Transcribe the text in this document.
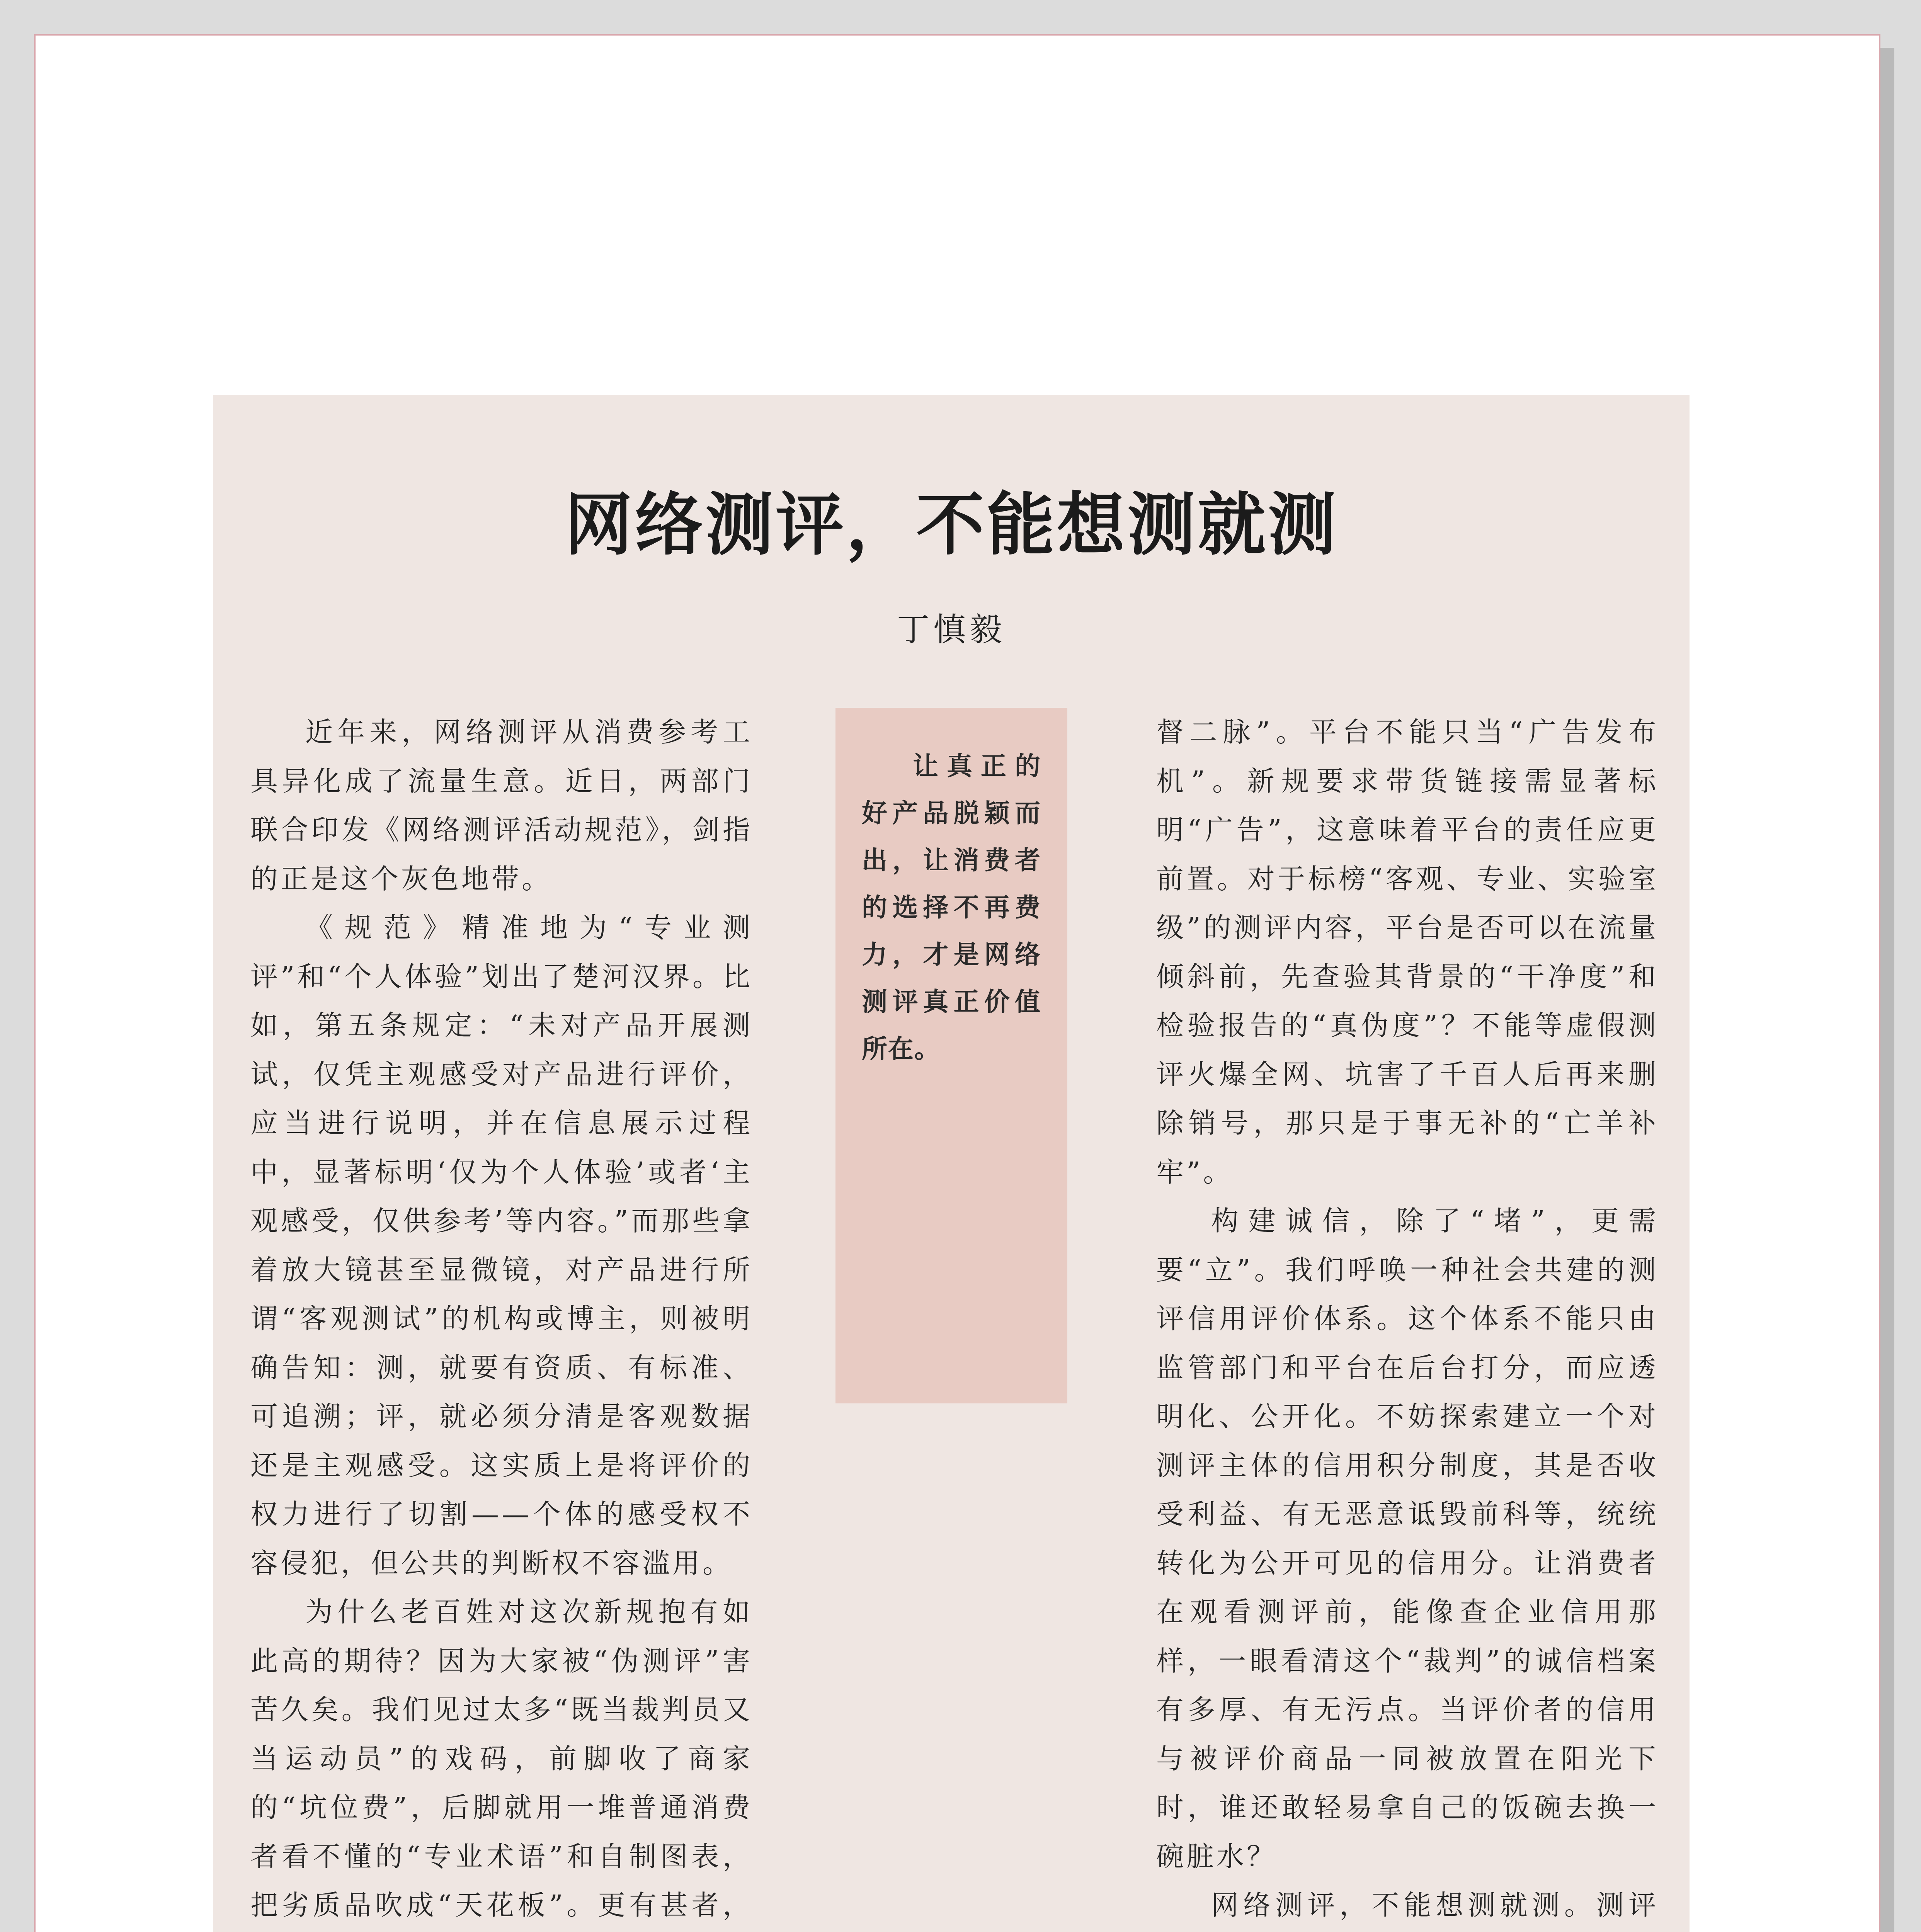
网络测评，不能想测就测
丁慎毅

近年来，网络测评从消费参考工具异化成了流量生意。近日，两部门联合印发《网络测评活动规范》，剑指的正是这个灰色地带。

《规范》精准地为“专业测评”和“个人体验”划出了楚河汉界。比如，第五条规定：“未对产品开展测试，仅凭主观感受对产品进行评价，应当进行说明，并在信息展示过程中，显著标明‘仅为个人体验’或者‘主观感受，仅供参考’等内容。”而那些拿着放大镜甚至显微镜，对产品进行所谓“客观测试”的机构或博主，则被明确告知：测，就要有资质、有标准、可追溯；评，就必须分清是客观数据还是主观感受。这实质上是将评价的权力进行了切割——个体的感受权不容侵犯，但公共的判断权不容滥用。

为什么老百姓对这次新规抱有如此高的期待？因为大家被“伪测评”害苦久矣。我们见过太多“既当裁判员又当运动员”的戏码，前脚收了商家的“坑位费”，后脚就用一堆普通消费者看不懂的“专业术语”和自制图表，把劣质品吹成“天花板”。更有甚者，

让真正的好产品脱颖而出，让消费者的选择不再费力，才是网络测评真正价值所在。

督二脉”。平台不能只当“广告发布机”。新规要求带货链接需显著标明“广告”，这意味着平台的责任应更前置。对于标榜“客观、专业、实验室级”的测评内容，平台是否可以在流量倾斜前，先查验其背景的“干净度”和检验报告的“真伪度”？不能等虚假测评火爆全网、坑害了千百人后再来删除销号，那只是于事无补的“亡羊补牢”。

构建诚信，除了“堵”，更需要“立”。我们呼唤一种社会共建的测评信用评价体系。这个体系不能只由监管部门和平台在后台打分，而应透明化、公开化。不妨探索建立一个对测评主体的信用积分制度，其是否收受利益、有无恶意诋毁前科等，统统转化为公开可见的信用分。让消费者在观看测评前，能像查企业信用那样，一眼看清这个“裁判”的诚信档案有多厚、有无污点。当评价者的信用与被评价商品一同被放置在阳光下时，谁还敢轻易拿自己的饭碗去换一碗脏水？

网络测评，不能想测就测。测评
